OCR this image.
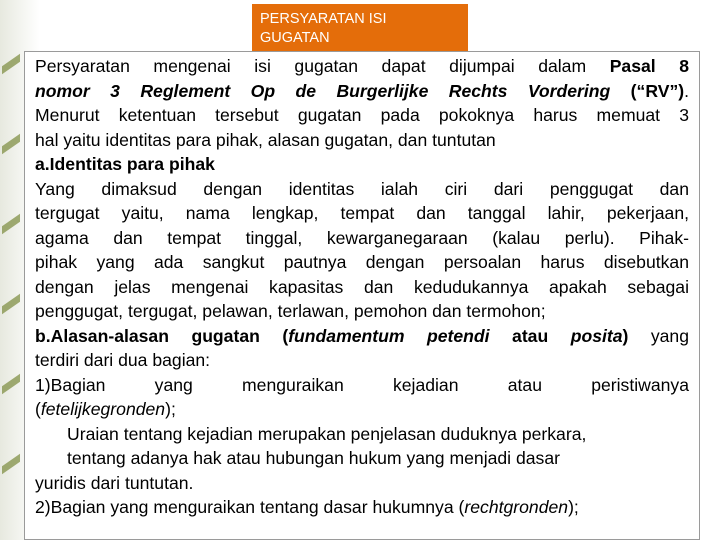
PERSYARATAN ISI GUGATAN

Persyaratan mengenai isi gugatan dapat dijumpai dalam Pasal 8

nomor 3 Reglement Op de Burgerlijke Rechts Vordering (“RV”).

Menurut ketentuan tersebut gugatan pada pokoknya harus memuat 3

hal yaitu identitas para pihak, alasan gugatan, dan tuntutan

a.Identitas para pihak

Yang dimaksud dengan identitas ialah ciri dari penggugat dan

tergugat yaitu, nama lengkap, tempat dan tanggal lahir, pekerjaan,

agama dan tempat tinggal, kewarganegaraan (kalau perlu). Pihak-

pihak yang ada sangkut pautnya dengan persoalan harus disebutkan

dengan jelas mengenai kapasitas dan kedudukannya apakah sebagai

penggugat, tergugat, pelawan, terlawan, pemohon dan termohon;

b.Alasan-alasan gugatan (fundamentum petendi atau posita) yang

terdiri dari dua bagian:

1)Bagian yang menguraikan kejadian atau peristiwanya

(fetelijkegronden);

Uraian tentang kejadian merupakan penjelasan duduknya perkara,

tentang adanya hak atau hubungan hukum yang menjadi dasar

yuridis dari tuntutan.

2)Bagian yang menguraikan tentang dasar hukumnya (rechtgronden);
